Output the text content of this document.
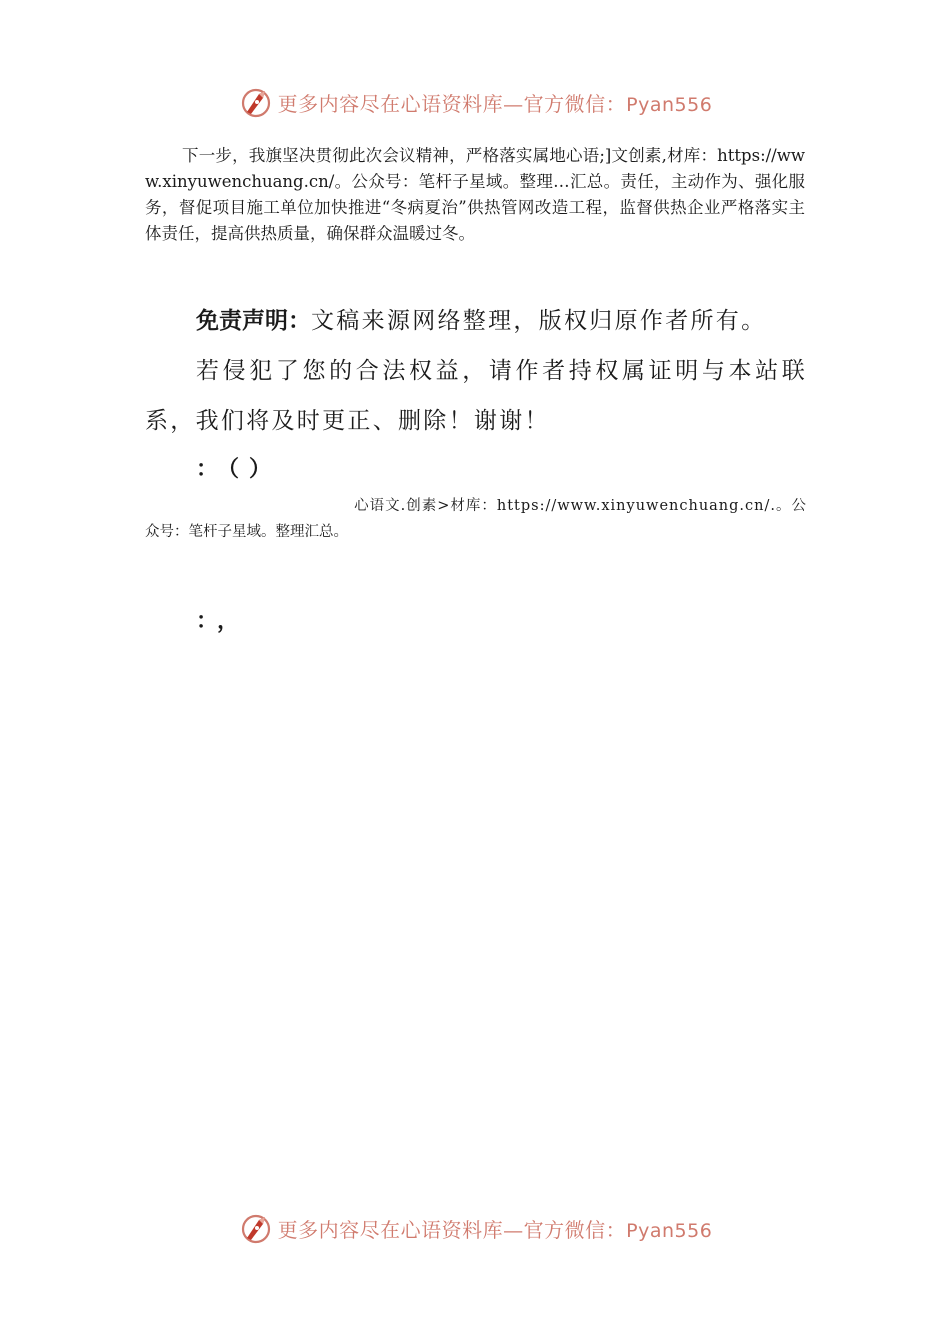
更多内容尽在心语资料库—官方微信：Pyan556
下一步，我旗坚决贯彻此次会议精神，严格落实属地心语;]文创素,材库：https://www.xinyuwenchuang.cn/。公众号：笔杆子星域。整理…汇总。责任，主动作为、强化服务，督促项目施工单位加快推进“冬病夏治”供热管网改造工程，监督供热企业严格落实主体责任，提高供热质量，确保群众温暖过冬。

免责声明：文稿来源网络整理，版权归原作者所有。

若侵犯了您的合法权益，请作者持权属证明与本站联系，我们将及时更正、删除！谢谢！

：（）
心语文.创素>材库：https://www.xinyuwenchuang.cn/.。公
众号：笔杆子星域。整理汇总。
：，
更多内容尽在心语资料库—官方微信：Pyan556
